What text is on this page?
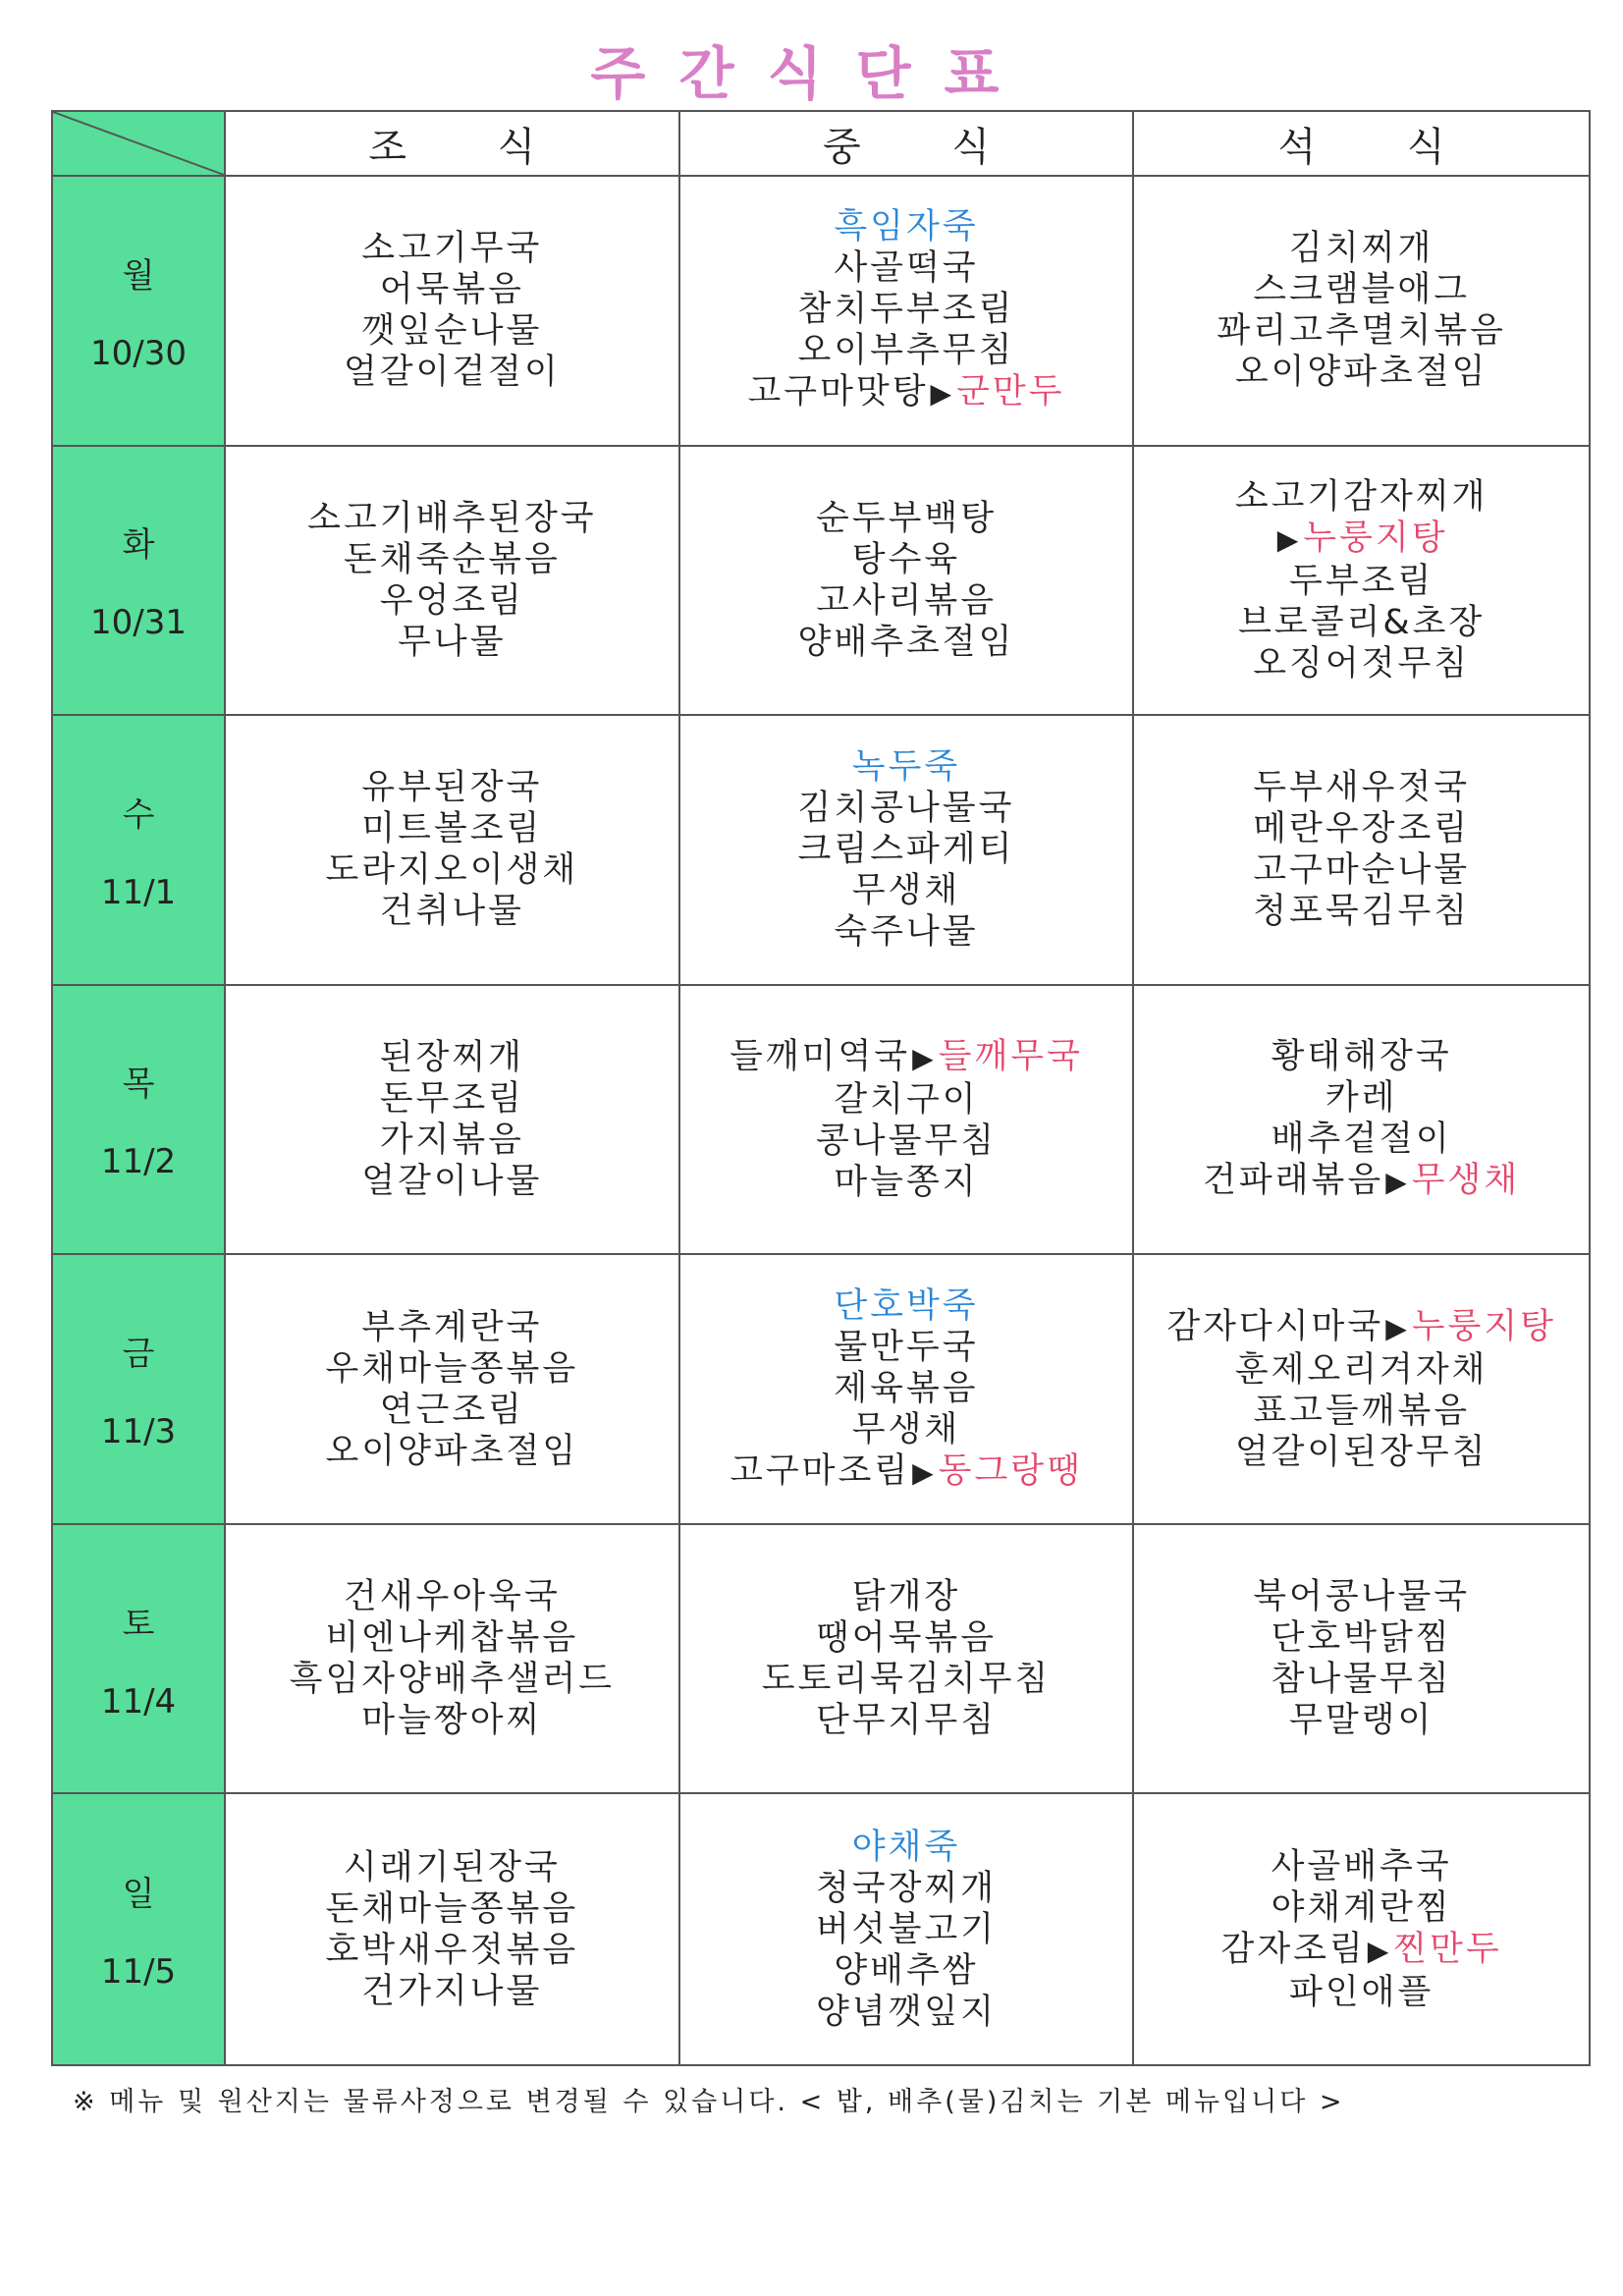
주간식단표
조 식	중 식	석 식
월
10/30
소고기무국
어묵볶음
깻잎순나물
얼갈이겉절이
흑임자죽
사골떡국
참치두부조림
오이부추무침
고구마맛탕▶군만두
김치찌개
스크램블애그
꽈리고추멸치볶음
오이양파초절임
화
10/31
소고기배추된장국
돈채죽순볶음
우엉조림
무나물
순두부백탕
탕수육
고사리볶음
양배추초절임
소고기감자찌개
▶누룽지탕
두부조림
브로콜리&초장
오징어젓무침
수
11/1
유부된장국
미트볼조림
도라지오이생채
건취나물
녹두죽
김치콩나물국
크림스파게티
무생채
숙주나물
두부새우젓국
메란우장조림
고구마순나물
청포묵김무침
목
11/2
된장찌개
돈무조림
가지볶음
얼갈이나물
들깨미역국▶들깨무국
갈치구이
콩나물무침
마늘쫑지
황태해장국
카레
배추겉절이
건파래볶음▶무생채
금
11/3
부추계란국
우채마늘쫑볶음
연근조림
오이양파초절임
단호박죽
물만두국
제육볶음
무생채
고구마조림▶동그랑땡
감자다시마국▶누룽지탕
훈제오리겨자채
표고들깨볶음
얼갈이된장무침
토
11/4
건새우아욱국
비엔나케찹볶음
흑임자양배추샐러드
마늘짱아찌
닭개장
땡어묵볶음
도토리묵김치무침
단무지무침
북어콩나물국
단호박닭찜
참나물무침
무말랭이
일
11/5
시래기된장국
돈채마늘쫑볶음
호박새우젓볶음
건가지나물
야채죽
청국장찌개
버섯불고기
양배추쌈
양념깻잎지
사골배추국
야채계란찜
감자조림▶찐만두
파인애플
※ 메뉴 및 원산지는 물류사정으로 변경될 수 있습니다. < 밥, 배추(물)김치는 기본 메뉴입니다 >
